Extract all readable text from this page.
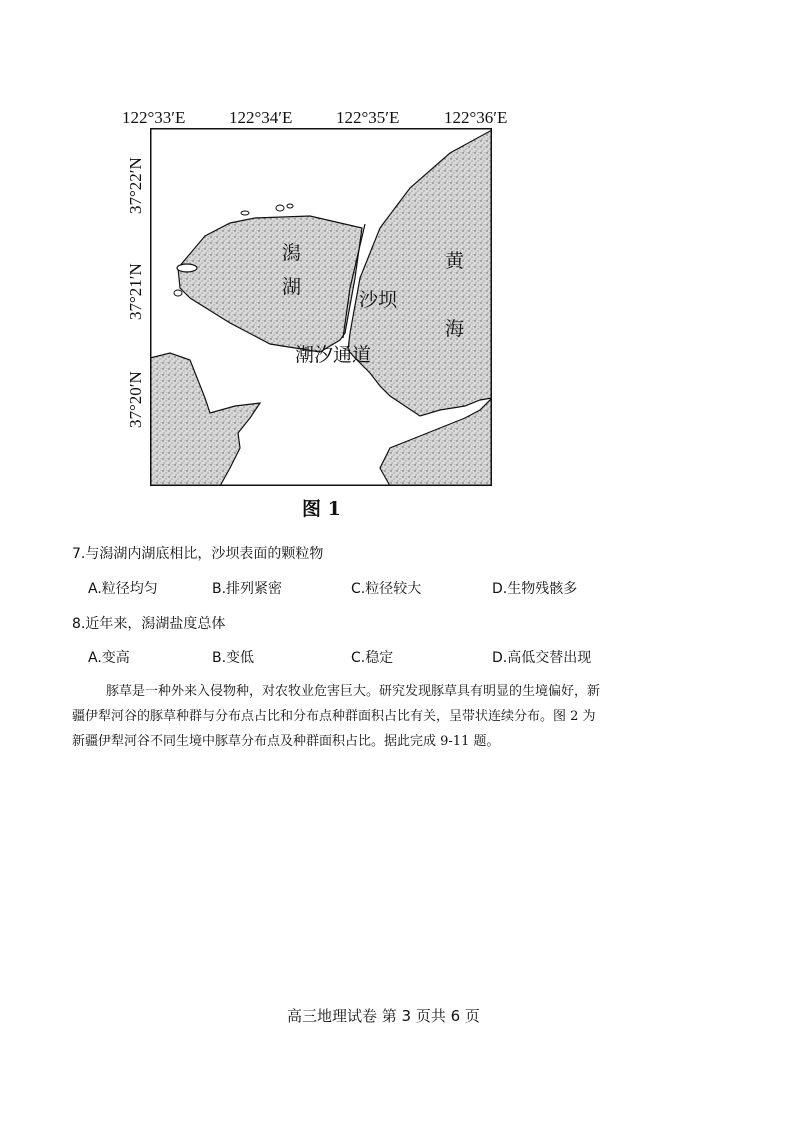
122°33′E	122°34′E	122°35′E	122°36′E
37°22′N
37°21′N
37°20′N
潟
湖
沙坝
黄
海
潮汐通道
图 1
7.与潟湖内湖底相比，沙坝表面的颗粒物
A.粒径均匀	B.排列紧密	C.粒径较大	D.生物残骸多
8.近年来，潟湖盐度总体
A.变高	B.变低	C.稳定	D.高低交替出现
豚草是一种外来入侵物种，对农牧业危害巨大。研究发现豚草具有明显的生境偏好，新
疆伊犁河谷的豚草种群与分布点占比和分布点种群面积占比有关，呈带状连续分布。图 2 为
新疆伊犁河谷不同生境中豚草分布点及种群面积占比。据此完成 9-11 题。
高三地理试卷 第 3 页共 6 页
